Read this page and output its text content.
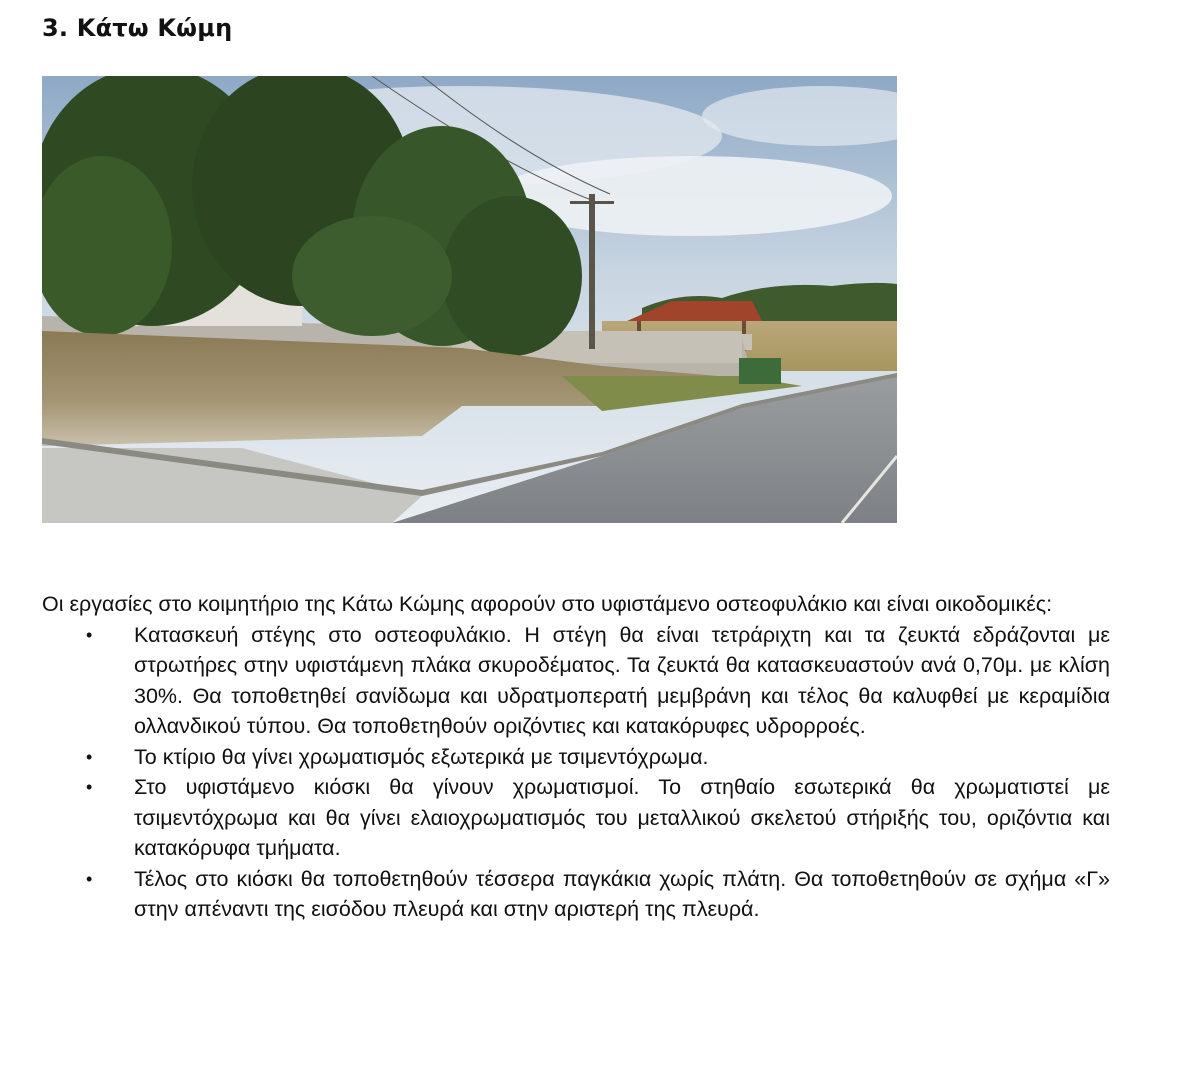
3. Κάτω Κώμη

Οι εργασίες στο κοιμητήριο της Κάτω Κώμης αφορούν στο υφιστάμενο οστεοφυλάκιο και είναι οικοδομικές:

• Κατασκευή στέγης στο οστεοφυλάκιο. Η στέγη θα είναι τετράριχτη και τα ζευκτά εδράζονται με στρωτήρες στην υφιστάμενη πλάκα σκυροδέματος. Τα ζευκτά θα κατασκευαστούν ανά 0,70μ. με κλίση 30%. Θα τοποθετηθεί σανίδωμα και υδρατμοπερατή μεμβράνη και τέλος θα καλυφθεί με κεραμίδια ολλανδικού τύπου. Θα τοποθετηθούν οριζόντιες και κατακόρυφες υδρορροές.
• Το κτίριο θα γίνει χρωματισμός εξωτερικά με τσιμεντόχρωμα.
• Στο υφιστάμενο κιόσκι θα γίνουν χρωματισμοί. Το στηθαίο εσωτερικά θα χρωματιστεί με τσιμεντόχρωμα και θα γίνει ελαιοχρωματισμός του μεταλλικού σκελετού στήριξής του, οριζόντια και κατακόρυφα τμήματα.
• Τέλος στο κιόσκι θα τοποθετηθούν τέσσερα παγκάκια χωρίς πλάτη. Θα τοποθετηθούν σε σχήμα «Γ» στην απέναντι της εισόδου πλευρά και στην αριστερή της πλευρά.
